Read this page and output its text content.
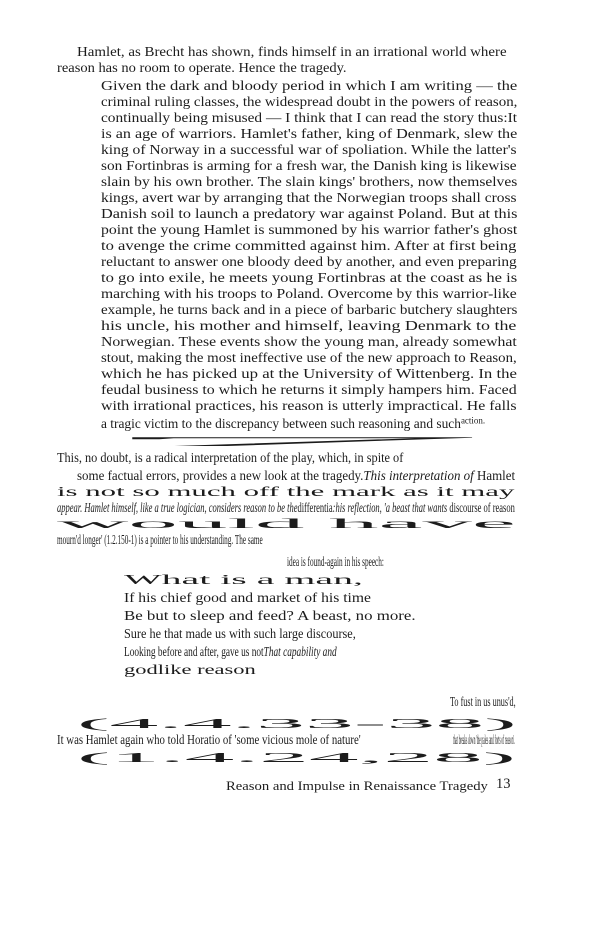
Hamlet, as Brecht has shown, finds himself in an irrational world where
reason has no room to operate. Hence the tragedy.
Given the dark and bloody period in which I am writing — the
criminal ruling classes, the widespread doubt in the powers of reason,
continually being misused — I think that I can read the story thus:It
is an age of warriors. Hamlet's father, king of Denmark, slew the
king of Norway in a successful war of spoliation. While the latter's
son Fortinbras is arming for a fresh war, the Danish king is likewise
slain by his own brother. The slain kings' brothers, now themselves
kings, avert war by arranging that the Norwegian troops shall cross
Danish soil to launch a predatory war against Poland. But at this
point the young Hamlet is summoned by his warrior father's ghost
to avenge the crime committed against him. After at first being
reluctant to answer one bloody deed by another, and even preparing
to go into exile, he meets young Fortinbras at the coast as he is
marching with his troops to Poland. Overcome by this warrior-like
example, he turns back and in a piece of barbaric butchery slaughters
his uncle, his mother and himself, leaving Denmark to the
Norwegian. These events show the young man, already somewhat
stout, making the most ineffective use of the new approach to Reason,
which he has picked up at the University of Wittenberg. In the
feudal business to which he returns it simply hampers him. Faced
with irrational practices, his reason is utterly impractical. He falls
a tragic victim to the discrepancy between such reasoning and such$^{action.}$
7
This, no doubt, is a radical interpretation of the play, which, in spite of
some factual errors, provides a new look at the tragedy.This interpretation of Hamlet
is not so much off the mark as it may
appear. Hamlet himself, like a true logician, considers reason to be thedifferentia:his reflection, 'a beast that wants discourse of reason
would have
mourn'd longer' (1.2.150-1) is a pointer to his understanding. The same
idea is found-again in his speech:
What is a man,
If his chief good and market of his time
Be but to sleep and feed? A beast, no more.
Sure he that made us with such large discourse,
Looking before and after, gave us notThat capability and
godlike reason
To fust in us unus'd,
(4.4.33-38)
It was Hamlet again who told Horatio of 'some vicious mole of nature'	that breaks down 'the pales and forts of reason'.
(1.4.24,28)
Reason and Impulse in Renaissance Tragedy 13
